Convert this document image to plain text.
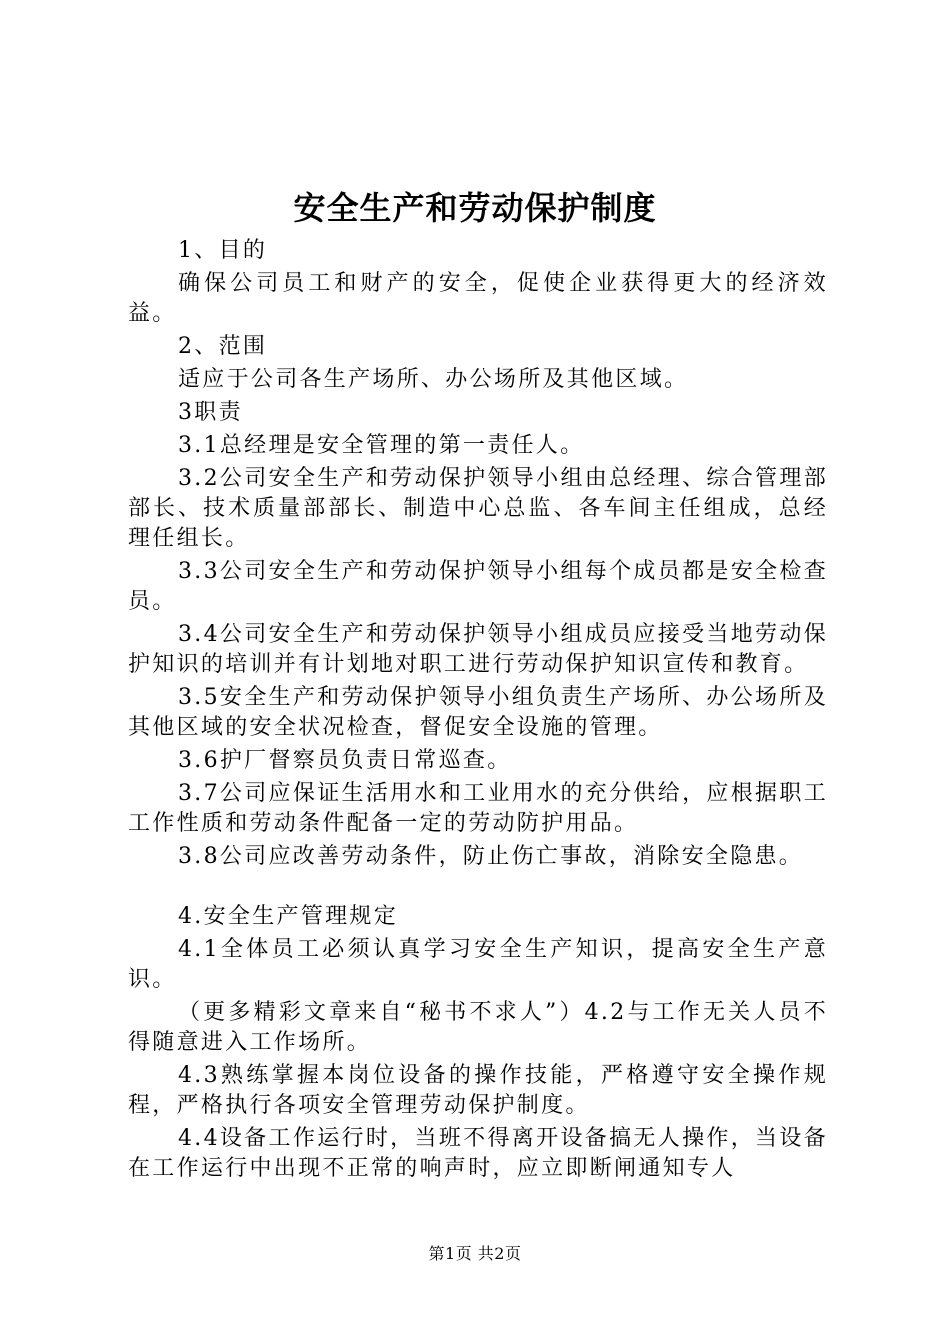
安全生产和劳动保护制度

1、目的

确保公司员工和财产的安全，促使企业获得更大的经济效益。

2、范围

适应于公司各生产场所、办公场所及其他区域。

3职责

3.1总经理是安全管理的第一责任人。

3.2公司安全生产和劳动保护领导小组由总经理、综合管理部部长、技术质量部部长、制造中心总监、各车间主任组成，总经理任组长。

3.3公司安全生产和劳动保护领导小组每个成员都是安全检查员。

3.4公司安全生产和劳动保护领导小组成员应接受当地劳动保护知识的培训并有计划地对职工进行劳动保护知识宣传和教育。

3.5安全生产和劳动保护领导小组负责生产场所、办公场所及其他区域的安全状况检查，督促安全设施的管理。

3.6护厂督察员负责日常巡查。

3.7公司应保证生活用水和工业用水的充分供给，应根据职工工作性质和劳动条件配备一定的劳动防护用品。

3.8公司应改善劳动条件，防止伤亡事故，消除安全隐患。

4.安全生产管理规定

4.1全体员工必须认真学习安全生产知识，提高安全生产意识。

（更多精彩文章来自“秘书不求人”）4.2与工作无关人员不得随意进入工作场所。

4.3熟练掌握本岗位设备的操作技能，严格遵守安全操作规程，严格执行各项安全管理劳动保护制度。

4.4设备工作运行时，当班不得离开设备搞无人操作，当设备在工作运行中出现不正常的响声时，应立即断闸通知专人

第1页 共2页
